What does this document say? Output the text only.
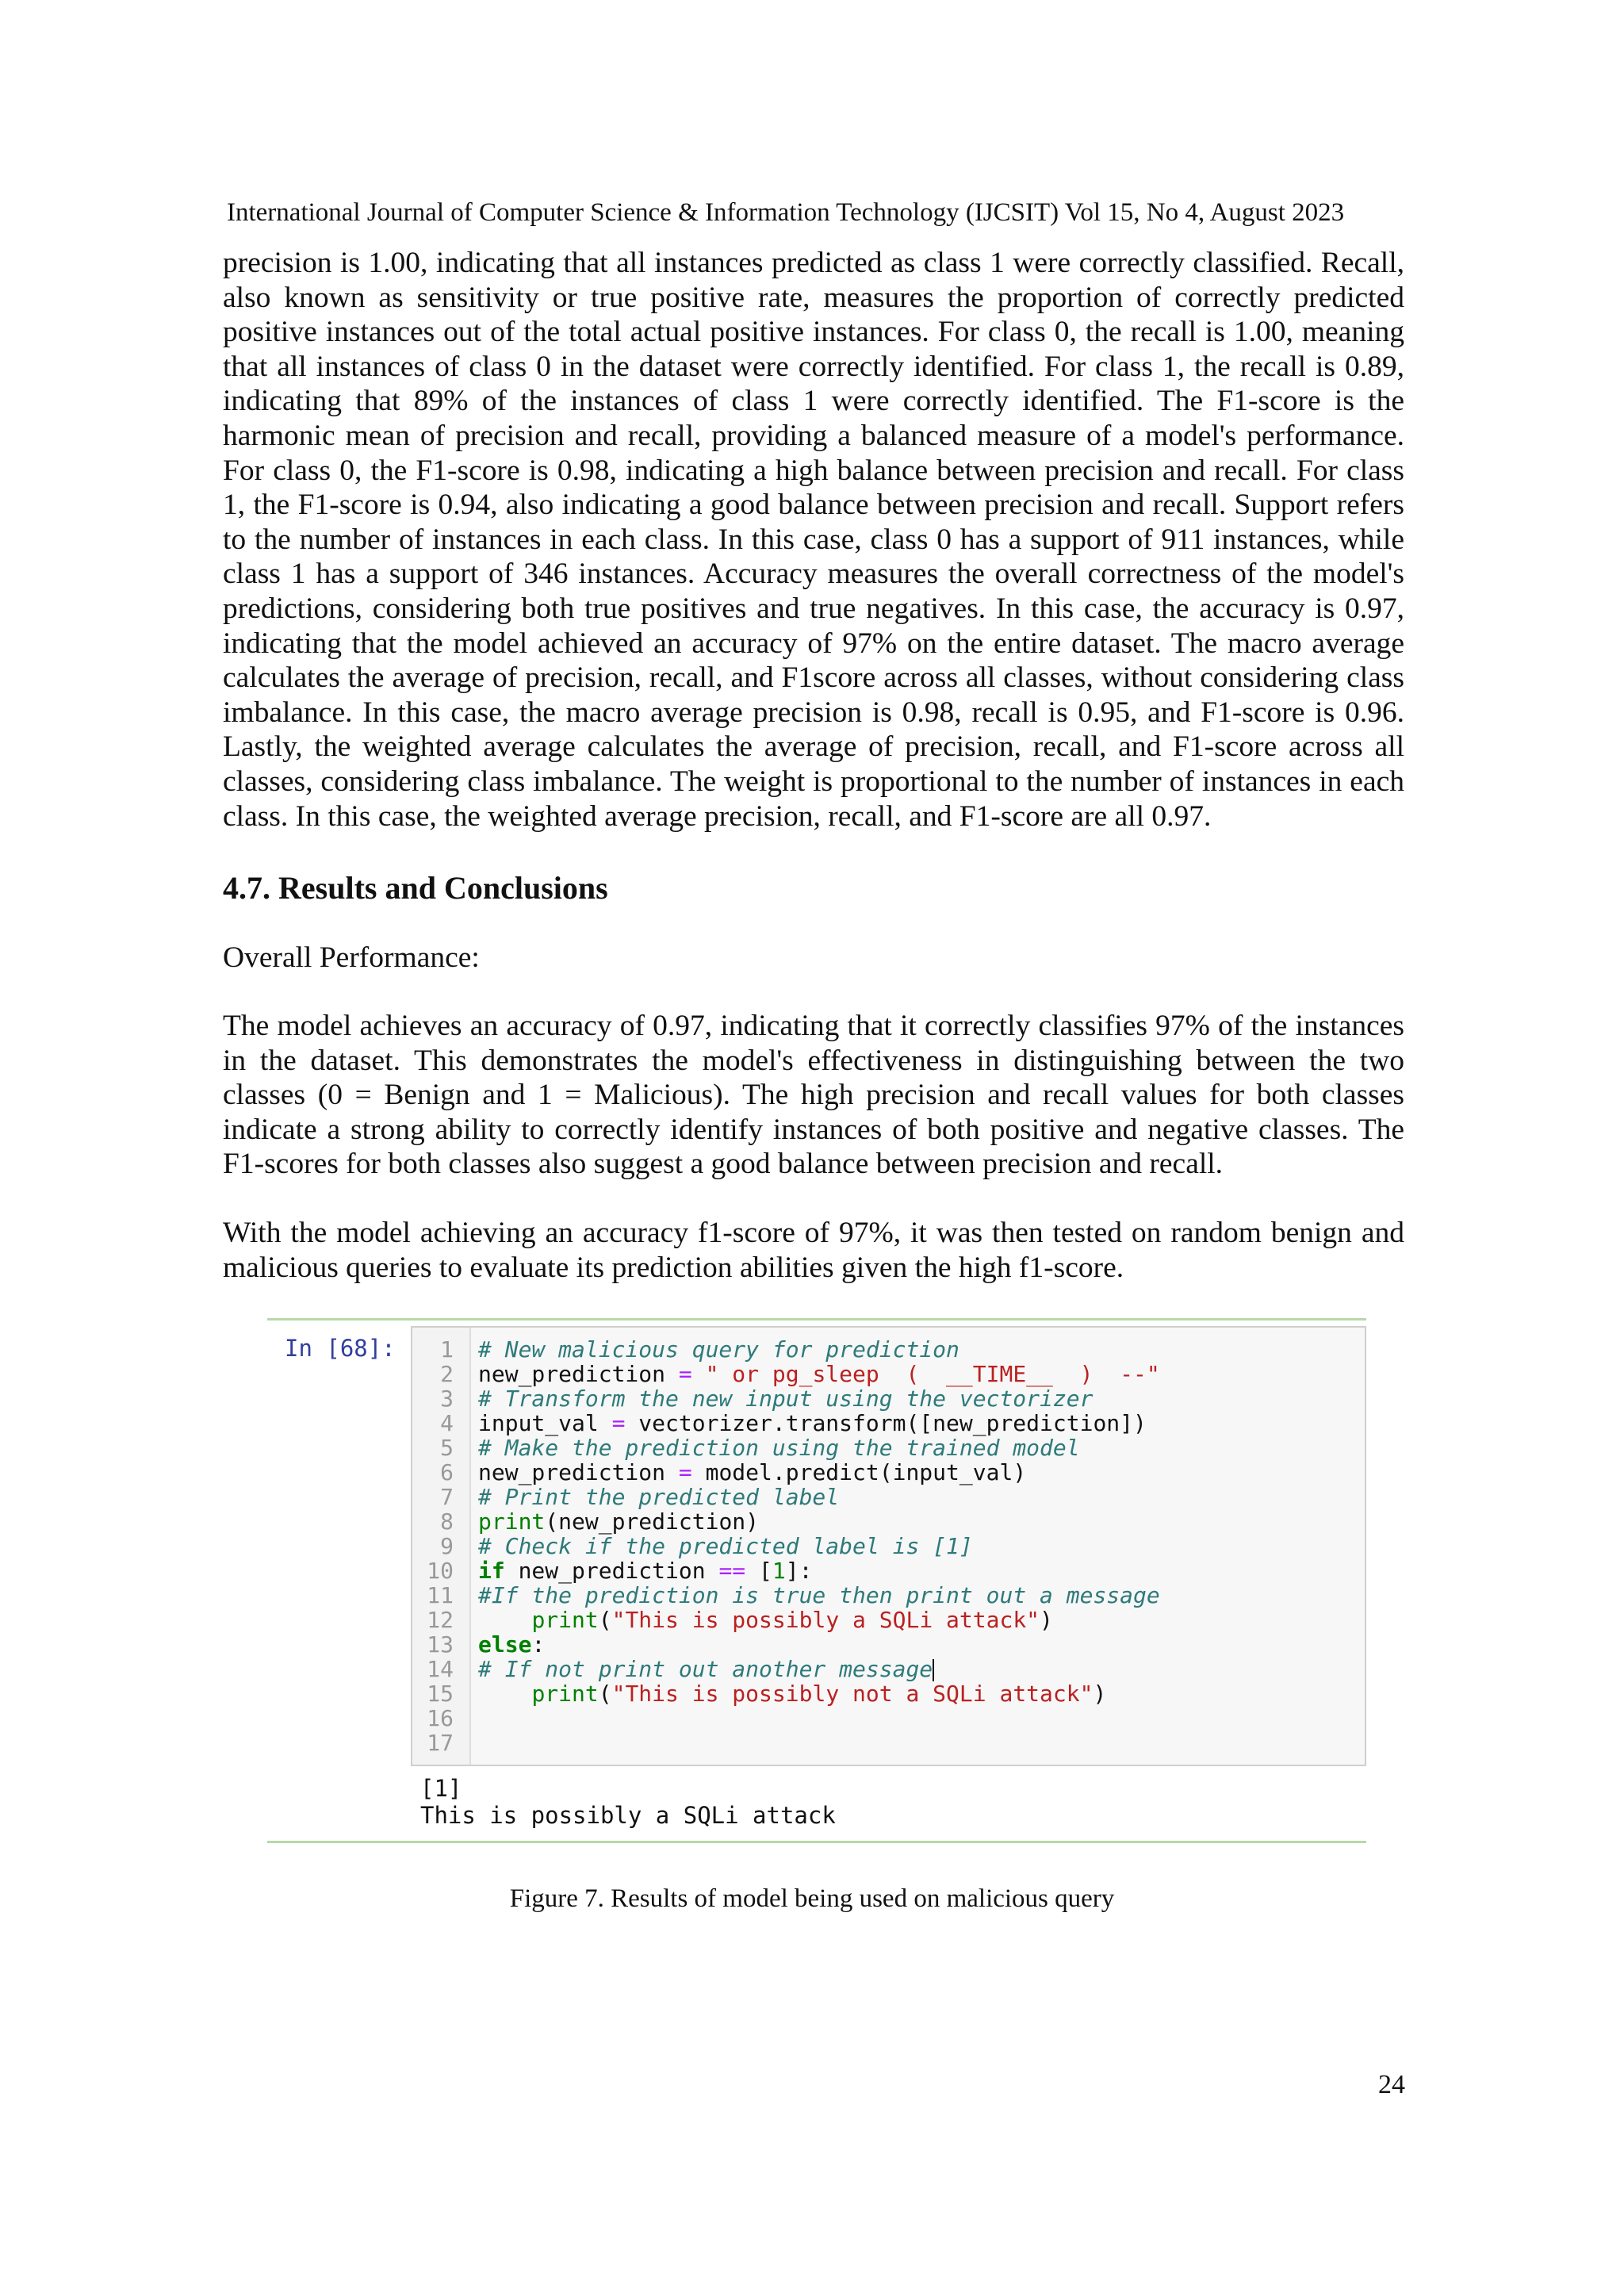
International Journal of Computer Science & Information Technology (IJCSIT) Vol 15, No 4, August 2023

precision is 1.00, indicating that all instances predicted as class 1 were correctly classified. Recall, also known as sensitivity or true positive rate, measures the proportion of correctly predicted positive instances out of the total actual positive instances. For class 0, the recall is 1.00, meaning that all instances of class 0 in the dataset were correctly identified. For class 1, the recall is 0.89, indicating that 89% of the instances of class 1 were correctly identified. The F1-score is the harmonic mean of precision and recall, providing a balanced measure of a model's performance. For class 0, the F1-score is 0.98, indicating a high balance between precision and recall. For class 1, the F1-score is 0.94, also indicating a good balance between precision and recall. Support refers to the number of instances in each class. In this case, class 0 has a support of 911 instances, while class 1 has a support of 346 instances. Accuracy measures the overall correctness of the model's predictions, considering both true positives and true negatives. In this case, the accuracy is 0.97, indicating that the model achieved an accuracy of 97% on the entire dataset. The macro average calculates the average of precision, recall, and F1score across all classes, without considering class imbalance. In this case, the macro average precision is 0.98, recall is 0.95, and F1-score is 0.96. Lastly, the weighted average calculates the average of precision, recall, and F1-score across all classes, considering class imbalance. The weight is proportional to the number of instances in each class. In this case, the weighted average precision, recall, and F1-score are all 0.97.

4.7. Results and Conclusions

Overall Performance:

The model achieves an accuracy of 0.97, indicating that it correctly classifies 97% of the instances in the dataset. This demonstrates the model's effectiveness in distinguishing between the two classes (0 = Benign and 1 = Malicious). The high precision and recall values for both classes indicate a strong ability to correctly identify instances of both positive and negative classes. The F1-scores for both classes also suggest a good balance between precision and recall.

With the model achieving an accuracy f1-score of 97%, it was then tested on random benign and malicious queries to evaluate its prediction abilities given the high f1-score.

In [68]:	1 # New malicious query for prediction
2 new_prediction = " or pg_sleep  (  __TIME__  )  --"
3 # Transform the new input using the vectorizer
4 input_val = vectorizer.transform([new_prediction])
5 # Make the prediction using the trained model
6 new_prediction = model.predict(input_val)
7 # Print the predicted label
8 print(new_prediction)
9 # Check if the predicted label is [1]
10 if new_prediction == [1]:
11 #If the prediction is true then print out a message
12	print("This is possibly a SQLi attack")
13 else:
14 # If not print out another message
15	print("This is possibly not a SQLi attack")
16
17
[1]
This is possibly a SQLi attack
Figure 7. Results of model being used on malicious query
24
